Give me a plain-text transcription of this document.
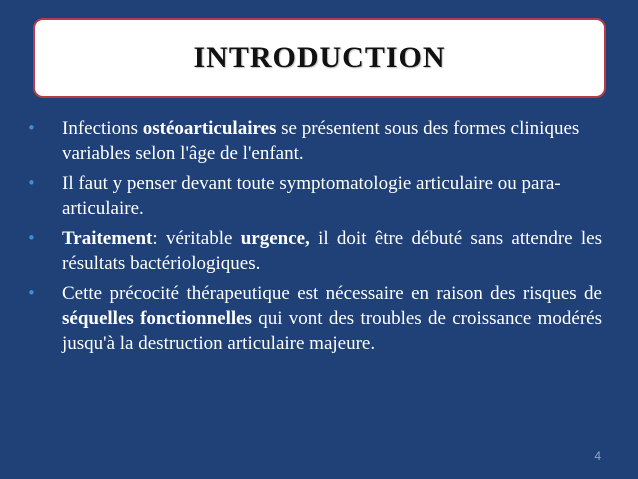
INTRODUCTION
• Infections ostéoarticulaires se présentent sous des formes cliniques variables selon l'âge de l'enfant.
• Il faut y penser devant toute symptomatologie articulaire ou para-articulaire.
• Traitement: véritable urgence, il doit être débuté sans attendre les résultats bactériologiques.
• Cette précocité thérapeutique est nécessaire en raison des risques de séquelles fonctionnelles qui vont des troubles de croissance modérés jusqu'à la destruction articulaire majeure.
4
